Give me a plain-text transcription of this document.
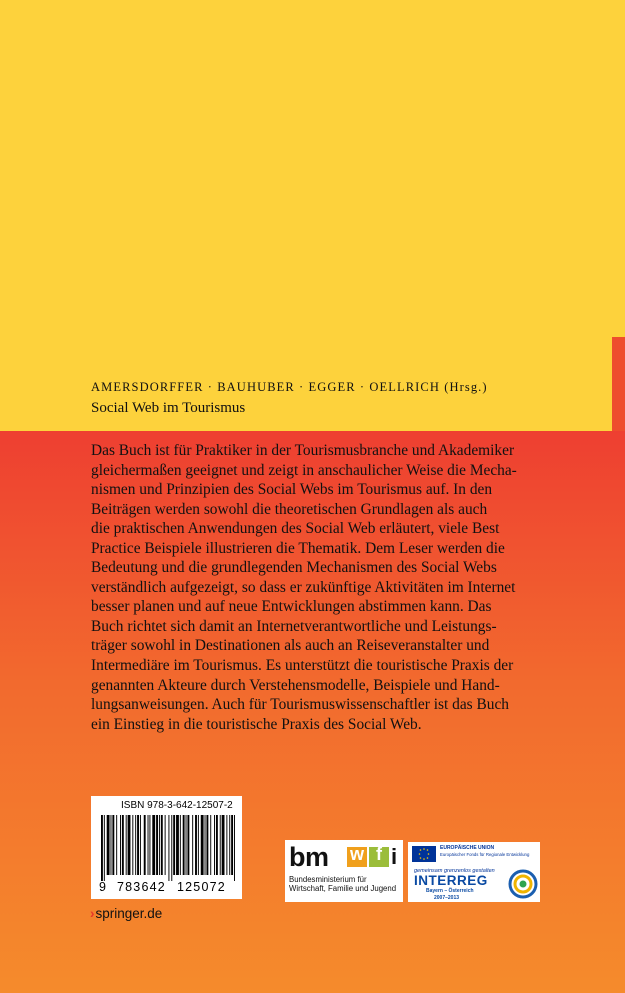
AMERSDORFFER · BAUHUBER · EGGER · OELLRICH (Hrsg.)
Social Web im Tourismus
Das Buch ist für Praktiker in der Tourismusbranche und Akademiker
gleichermaßen geeignet und zeigt in anschaulicher Weise die Mecha-
nismen und Prinzipien des Social Webs im Tourismus auf. In den
Beiträgen werden sowohl die theoretischen Grundlagen als auch
die praktischen Anwendungen des Social Web erläutert, viele Best
Practice Beispiele illustrieren die Thematik. Dem Leser werden die
Bedeutung und die grundlegenden Mechanismen des Social Webs
verständlich aufgezeigt, so dass er zukünftige Aktivitäten im Internet
besser planen und auf neue Entwicklungen abstimmen kann. Das
Buch richtet sich damit an Internetverantwortliche und Leistungs-
träger sowohl in Destinationen als auch an Reiseveranstalter und
Intermediäre im Tourismus. Es unterstützt die touristische Praxis der
genannten Akteure durch Verstehensmodelle, Beispiele und Hand-
lungsanweisungen. Auch für Tourismuswissenschaftler ist das Buch
ein Einstieg in die touristische Praxis des Social Web.
ISBN 978-3-642-12507-2
9 783642 125072
bm w f i
Bundesministerium für
Wirtschaft, Familie und Jugend
EUROPÄISCHE UNION
Europäischer Fonds für Regionale Entwicklung
gemeinsam grenzenlos gestalten
INTERREG
Bayern – Österreich
2007–2013
›springer.de
